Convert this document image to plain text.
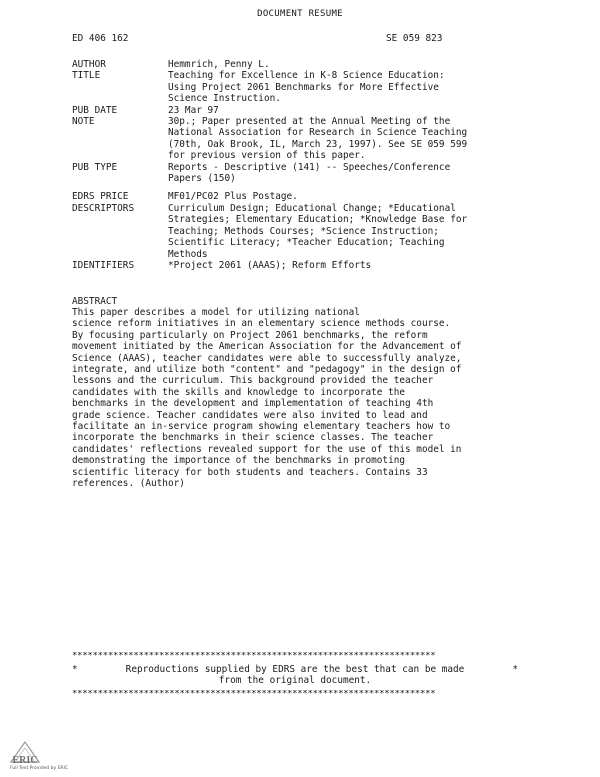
DOCUMENT RESUME
ED 406 162	SE 059 823
AUTHOR	Hemmrich, Penny L.
TITLE	Teaching for Excellence in K-8 Science Education:
Using Project 2061 Benchmarks for More Effective
Science Instruction.
PUB DATE	23 Mar 97
NOTE	30p.; Paper presented at the Annual Meeting of the
National Association for Research in Science Teaching
(70th, Oak Brook, IL, March 23, 1997). See SE 059 599
for previous version of this paper.
PUB TYPE	Reports - Descriptive (141) -- Speeches/Conference
Papers (150)
EDRS PRICE	MF01/PC02 Plus Postage.
DESCRIPTORS	Curriculum Design; Educational Change; *Educational
Strategies; Elementary Education; *Knowledge Base for
Teaching; Methods Courses; *Science Instruction;
Scientific Literacy; *Teacher Education; Teaching
Methods
IDENTIFIERS	*Project 2061 (AAAS); Reform Efforts
ABSTRACT
This paper describes a model for utilizing national
science reform initiatives in an elementary science methods course.
By focusing particularly on Project 2061 benchmarks, the reform
movement initiated by the American Association for the Advancement of
Science (AAAS), teacher candidates were able to successfully analyze,
integrate, and utilize both "content" and "pedagogy" in the design of
lessons and the curriculum. This background provided the teacher
candidates with the skills and knowledge to incorporate the
benchmarks in the development and implementation of teaching 4th
grade science. Teacher candidates were also invited to lead and
facilitate an in-service program showing elementary teachers how to
incorporate the benchmarks in their science classes. The teacher
candidates' reflections revealed support for the use of this model in
demonstrating the importance of the benchmarks in promoting
scientific literacy for both students and teachers. Contains 33
references. (Author)
***********************************************************************
*	*
Reproductions supplied by EDRS are the best that can be made
from the original document.
***********************************************************************
ERIC
Full Text Provided by ERIC
